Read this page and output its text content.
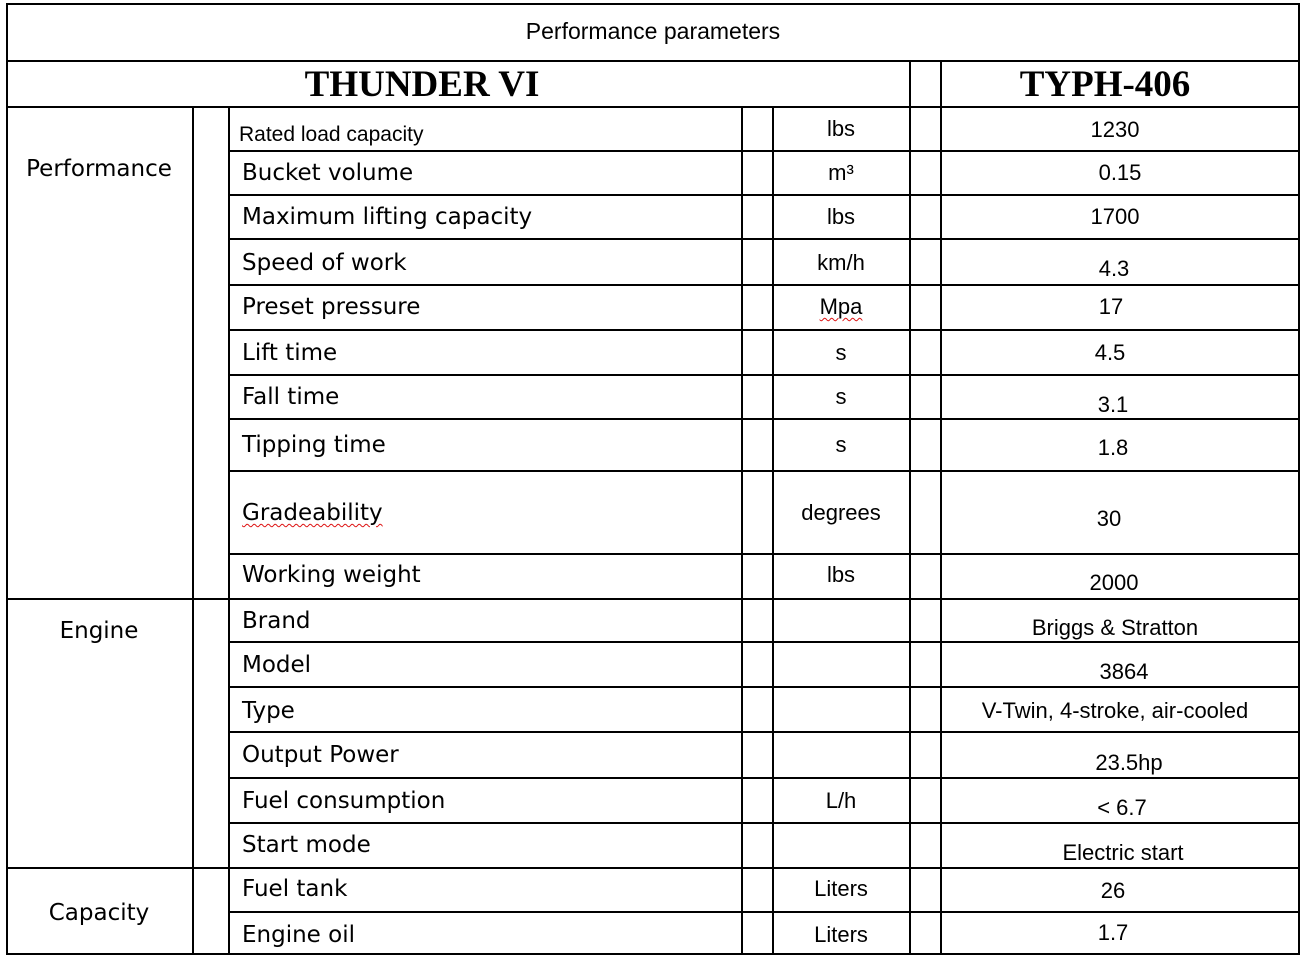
Performance parameters
THUNDER VI	TYPH-406
Performance
Engine
Capacity
Rated load capacity
Bucket volume
Maximum lifting capacity
Speed of work
Preset pressure
Lift time
Fall time
Tipping time
Gradeability
Working weight
Brand
Model
Type
Output Power
Fuel consumption
Start mode
Fuel tank
Engine oil
lbs
m³
lbs
km/h
Mpa
s
s
s
degrees
lbs
L/h
Liters
Liters
1230
0.15
1700
4.3
17
4.5
3.1
1.8
30
2000
Briggs & Stratton
3864
V-Twin, 4-stroke, air-cooled
23.5hp
< 6.7
Electric start
26
1.7
